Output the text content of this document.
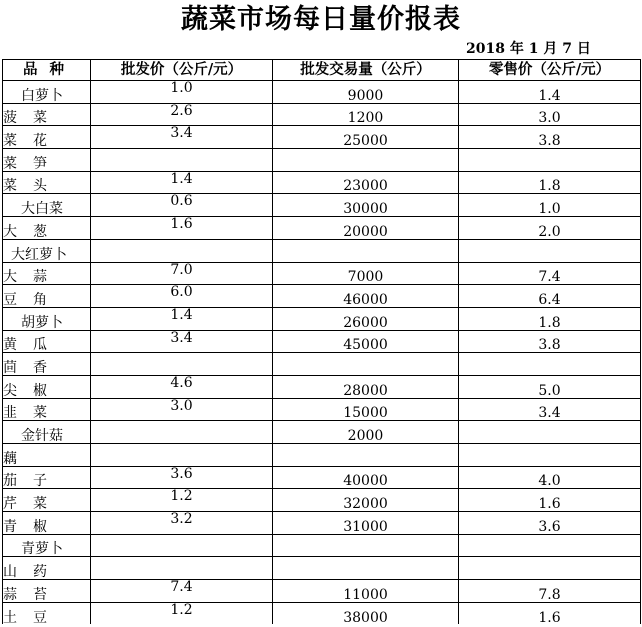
蔬菜市场每日量价报表
2018 年 1 月 7 日
品种	批发价（公斤/元）	批发交易量（公斤）	零售价（公斤/元）
白萝卜	1.0	9000	1.4
菠菜	2.6	1200	3.0
菜花	3.4	25000	3.8
菜笋			
菜头	1.4	23000	1.8
大白菜	0.6	30000	1.0
大葱	1.6	20000	2.0
大红萝卜			
大蒜	7.0	7000	7.4
豆角	6.0	46000	6.4
胡萝卜	1.4	26000	1.8
黄瓜	3.4	45000	3.8
茴香			
尖椒	4.6	28000	5.0
韭菜	3.0	15000	3.4
金针菇		2000	
藕			
茄子	3.6	40000	4.0
芹菜	1.2	32000	1.6
青椒	3.2	31000	3.6
青萝卜			
山药			
蒜苔	7.4	11000	7.8
土豆	1.2	38000	1.6
